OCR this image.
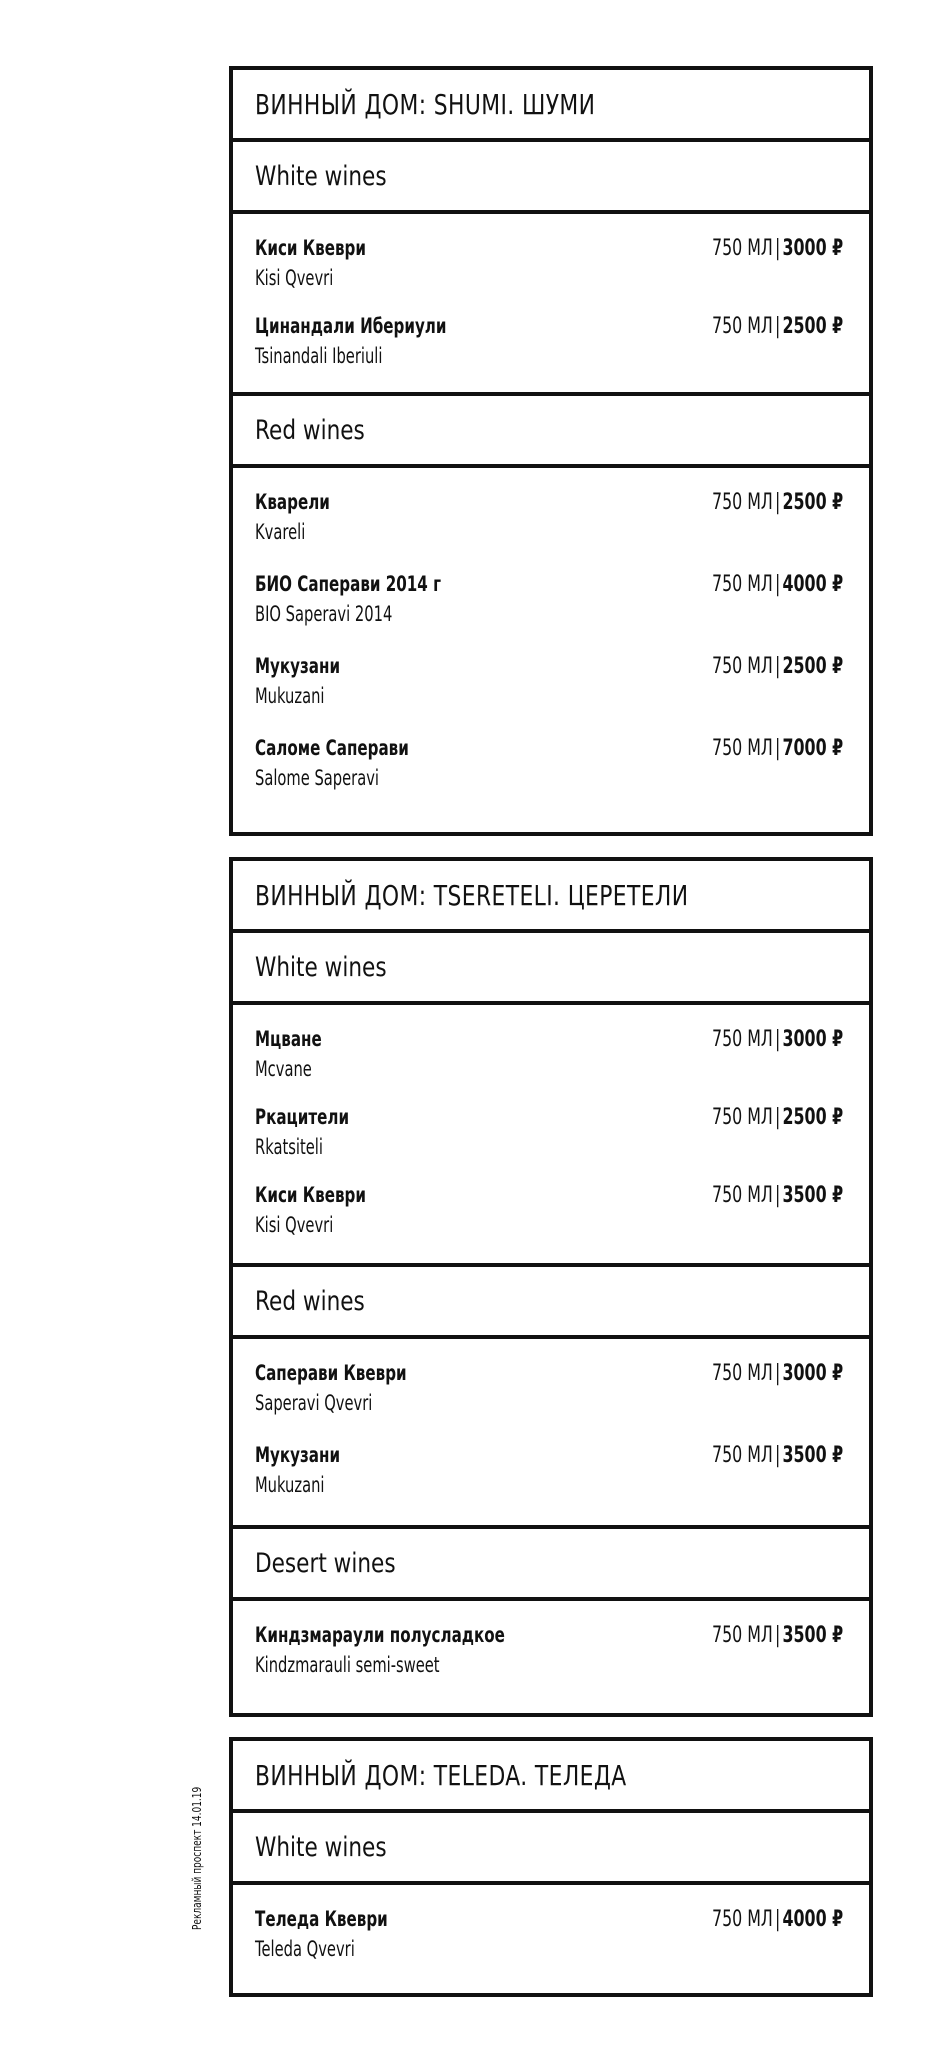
ВИННЫЙ ДОМ: SHUMI. ШУМИ
White wines
Киси Квеври
Kisi Qvevri
750 МЛ|3000 ₽
Цинандали Ибериули
Tsinandali Iberiuli
750 МЛ|2500 ₽
Red wines
Кварели
Kvareli
750 МЛ|2500 ₽
БИО Саперави 2014 г
BIO Saperavi 2014
750 МЛ|4000 ₽
Мукузани
Mukuzani
750 МЛ|2500 ₽
Саломе Саперави
Salome Saperavi
750 МЛ|7000 ₽
ВИННЫЙ ДОМ: TSERETELI. ЦЕРЕТЕЛИ
White wines
Мцване
Mcvane
750 МЛ|3000 ₽
Ркацители
Rkatsiteli
750 МЛ|2500 ₽
Киси Квеври
Kisi Qvevri
750 МЛ|3500 ₽
Red wines
Саперави Квеври
Saperavi Qvevri
750 МЛ|3000 ₽
Мукузани
Mukuzani
750 МЛ|3500 ₽
Desert wines
Киндзмараули полусладкое
Kindzmarauli semi-sweet
750 МЛ|3500 ₽
ВИННЫЙ ДОМ: TELEDA. ТЕЛЕДА
White wines
Теледа Квеври
Teleda Qvevri
750 МЛ|4000 ₽
Рекламный проспект 14.01.19
